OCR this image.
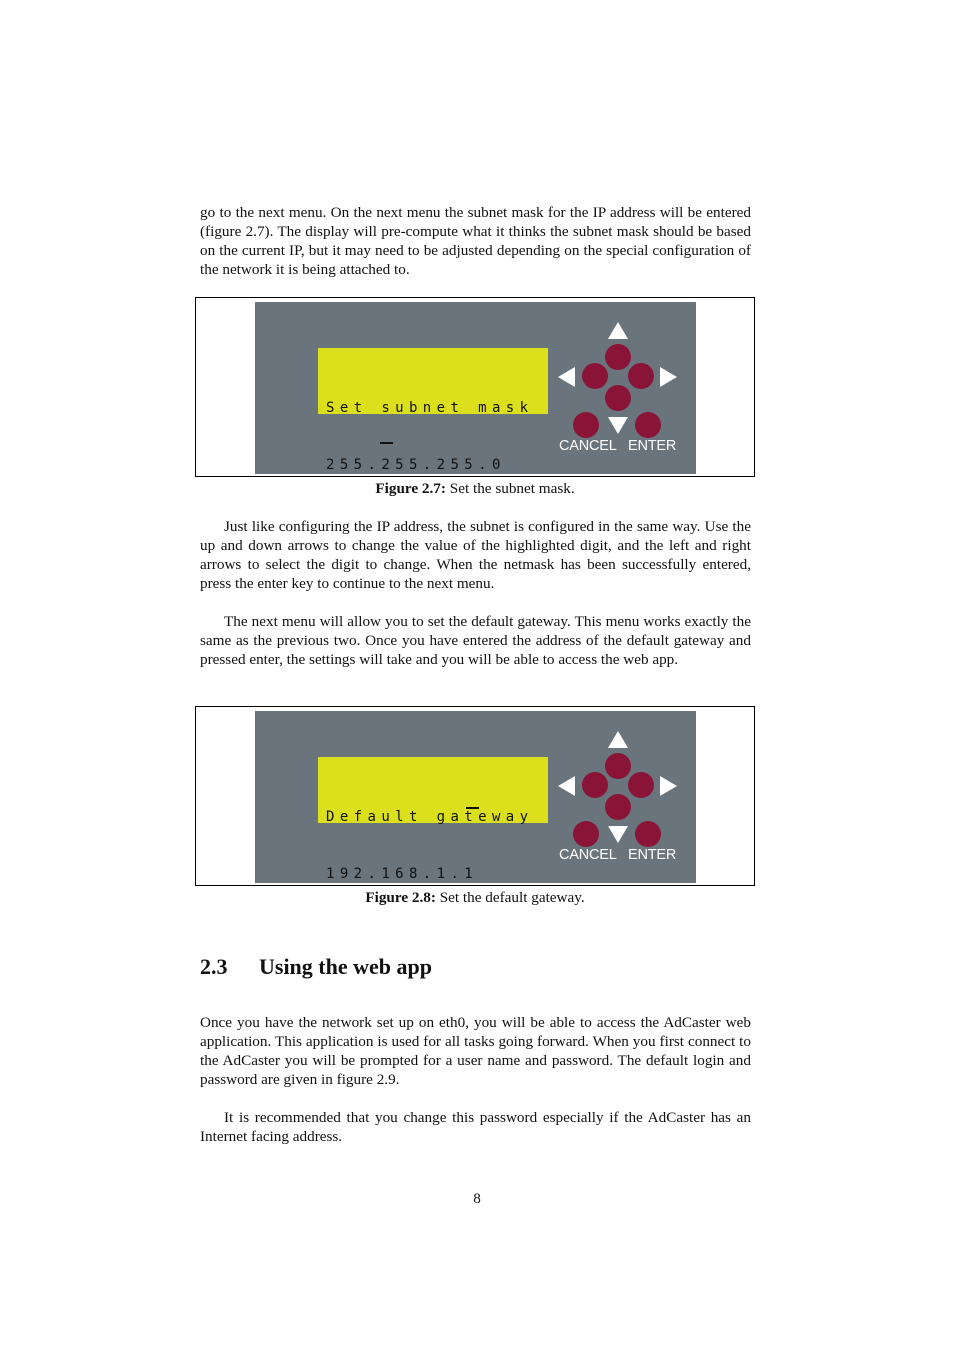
go to the next menu. On the next menu the subnet mask for the IP address will be entered (figure 2.7). The display will pre-compute what it thinks the subnet mask should be based on the current IP, but it may need to be adjusted depending on the special configuration of the network it is being attached to.

Set subnet mask

255.255.255.0

CANCEL ENTER
Figure 2.7: Set the subnet mask.

Just like configuring the IP address, the subnet is configured in the same way. Use the up and down arrows to change the value of the highlighted digit, and the left and right arrows to select the digit to change. When the netmask has been successfully entered, press the enter key to continue to the next menu.

The next menu will allow you to set the default gateway. This menu works exactly the same as the previous two. Once you have entered the address of the default gateway and pressed enter, the settings will take and you will be able to access the web app.

Default gateway

192.168.1.1

CANCEL ENTER
Figure 2.8: Set the default gateway.
2.3 Using the web app

Once you have the network set up on eth0, you will be able to access the AdCaster web application. This application is used for all tasks going forward. When you first connect to the AdCaster you will be prompted for a user name and password. The default login and password are given in figure 2.9.

It is recommended that you change this password especially if the AdCaster has an Internet facing address.

8
